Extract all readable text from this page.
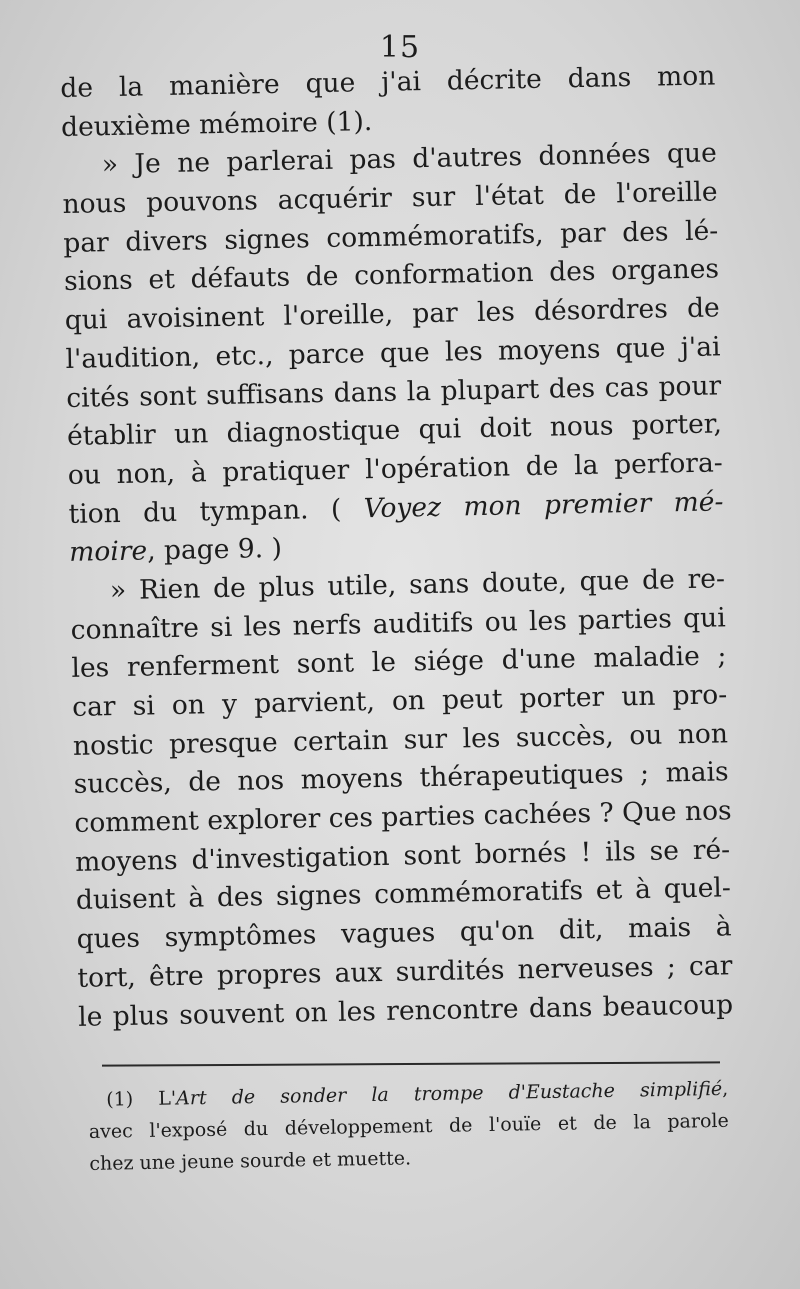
15
de la manière que j'ai décrite dans mon
deuxième mémoire (1).
» Je ne parlerai pas d'autres données que
nous pouvons acquérir sur l'état de l'oreille
par divers signes commémoratifs, par des lé-
sions et défauts de conformation des organes
qui avoisinent l'oreille, par les désordres de
l'audition, etc., parce que les moyens que j'ai
cités sont suffisans dans la plupart des cas pour
établir un diagnostique qui doit nous porter,
ou non, à pratiquer l'opération de la perfora-
tion du tympan. ( Voyez mon premier mé-
moire, page 9. )
» Rien de plus utile, sans doute, que de re-
connaître si les nerfs auditifs ou les parties qui
les renferment sont le siége d'une maladie ;
car si on y parvient, on peut porter un pro-
nostic presque certain sur les succès, ou non
succès, de nos moyens thérapeutiques ; mais
comment explorer ces parties cachées ? Que nos
moyens d'investigation sont bornés ! ils se ré-
duisent à des signes commémoratifs et à quel-
ques symptômes vagues qu'on dit, mais à
tort, être propres aux surdités nerveuses ; car
le plus souvent on les rencontre dans beaucoup
(1) L'Art de sonder la trompe d'Eustache simplifié,
avec l'exposé du développement de l'ouïe et de la parole
chez une jeune sourde et muette.
